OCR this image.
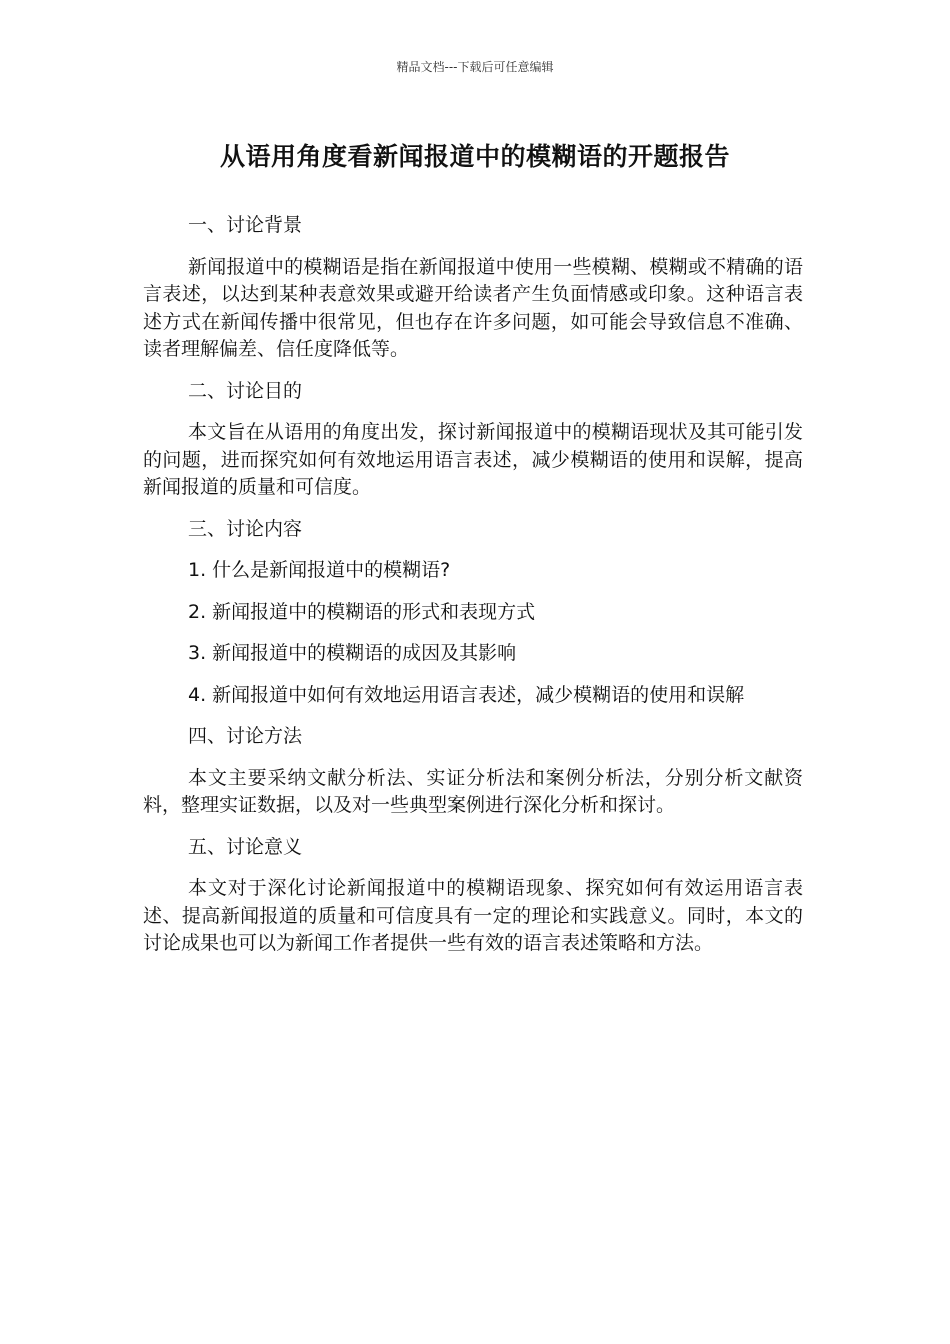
精品文档---下载后可任意编辑
从语用角度看新闻报道中的模糊语的开题报告

一、讨论背景

新闻报道中的模糊语是指在新闻报道中使用一些模糊、模糊或不精确的语言表述，以达到某种表意效果或避开给读者产生负面情感或印象。这种语言表述方式在新闻传播中很常见，但也存在许多问题，如可能会导致信息不准确、读者理解偏差、信任度降低等。

二、讨论目的

本文旨在从语用的角度出发，探讨新闻报道中的模糊语现状及其可能引发的问题，进而探究如何有效地运用语言表述，减少模糊语的使用和误解，提高新闻报道的质量和可信度。

三、讨论内容

1. 什么是新闻报道中的模糊语?

2. 新闻报道中的模糊语的形式和表现方式

3. 新闻报道中的模糊语的成因及其影响

4. 新闻报道中如何有效地运用语言表述，减少模糊语的使用和误解

四、讨论方法

本文主要采纳文献分析法、实证分析法和案例分析法，分别分析文献资料，整理实证数据，以及对一些典型案例进行深化分析和探讨。

五、讨论意义

本文对于深化讨论新闻报道中的模糊语现象、探究如何有效运用语言表述、提高新闻报道的质量和可信度具有一定的理论和实践意义。同时，本文的讨论成果也可以为新闻工作者提供一些有效的语言表述策略和方法。
